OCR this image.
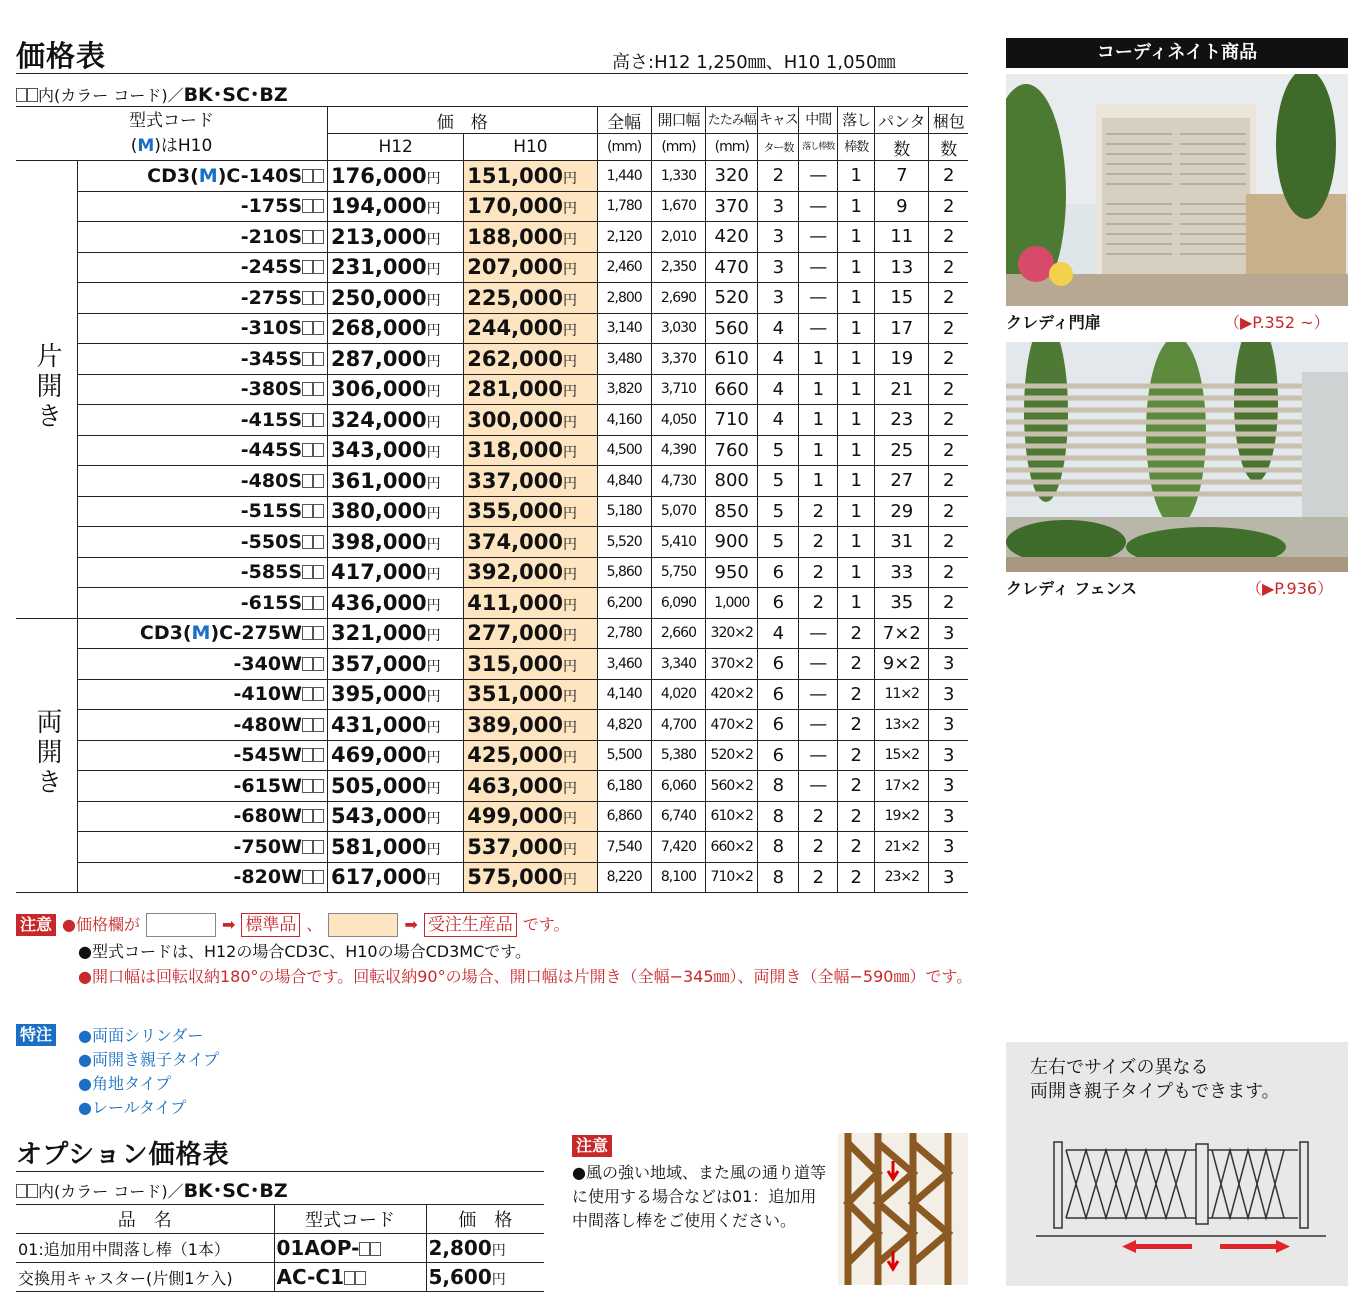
価格表	高さ:H12 1,250㎜、H10 1,050㎜
内(カラー コード)／BK･SC･BZ
型式コード
(M)はH10		価　格		全幅	開口幅	たたみ幅	キャス	中間	落し	パンタ	梱包
		H12	H10	(mm)	(mm)	(mm)	ター数	落し棒数	棒数	数	数
片開き	CD3(M)C-140S	176,000円	151,000円	1,440	1,330	320	2	—	1	7	2
	-175S	194,000円	170,000円	1,780	1,670	370	3	—	1	9	2
	-210S	213,000円	188,000円	2,120	2,010	420	3	—	1	11	2
	-245S	231,000円	207,000円	2,460	2,350	470	3	—	1	13	2
	-275S	250,000円	225,000円	2,800	2,690	520	3	—	1	15	2
	-310S	268,000円	244,000円	3,140	3,030	560	4	—	1	17	2
	-345S	287,000円	262,000円	3,480	3,370	610	4	1	1	19	2
	-380S	306,000円	281,000円	3,820	3,710	660	4	1	1	21	2
	-415S	324,000円	300,000円	4,160	4,050	710	4	1	1	23	2
	-445S	343,000円	318,000円	4,500	4,390	760	5	1	1	25	2
	-480S	361,000円	337,000円	4,840	4,730	800	5	1	1	27	2
	-515S	380,000円	355,000円	5,180	5,070	850	5	2	1	29	2
	-550S	398,000円	374,000円	5,520	5,410	900	5	2	1	31	2
	-585S	417,000円	392,000円	5,860	5,750	950	6	2	1	33	2
	-615S	436,000円	411,000円	6,200	6,090	1,000	6	2	1	35	2
両開き	CD3(M)C-275W	321,000円	277,000円	2,780	2,660	320×2	4	—	2	7×2	3
	-340W	357,000円	315,000円	3,460	3,340	370×2	6	—	2	9×2	3
	-410W	395,000円	351,000円	4,140	4,020	420×2	6	—	2	11×2	3
	-480W	431,000円	389,000円	4,820	4,700	470×2	6	—	2	13×2	3
	-545W	469,000円	425,000円	5,500	5,380	520×2	6	—	2	15×2	3
	-615W	505,000円	463,000円	6,180	6,060	560×2	8	—	2	17×2	3
	-680W	543,000円	499,000円	6,860	6,740	610×2	8	2	2	19×2	3
	-750W	581,000円	537,000円	7,540	7,420	660×2	8	2	2	21×2	3
	-820W	617,000円	575,000円	8,220	8,100	710×2	8	2	2	23×2	3
注意 ●価格欄が	➡ 標準品 、	➡ 受注生産品 です。
●型式コードは、H12の場合CD3C、H10の場合CD3MCです。
●開口幅は回転収納180°の場合です。回転収納90°の場合、開口幅は片開き（全幅−345㎜）、両開き（全幅−590㎜）です。
特注 ●両面シリンダー
●両開き親子タイプ
●角地タイプ
●レールタイプ
オプション価格表
内(カラー コード)／BK･SC･BZ
品　名	型式コード	価　格
01:追加用中間落し棒（1本）	01AOP-	2,800円
交換用キャスター(片側1ケ入)	AC-C1	5,600円
注意
●風の強い地域、また風の通り道等に使用する場合などは01：追加用中間落し棒をご使用ください。
コーディネイト商品
クレディ門扉	（▶P.352 ~）
クレディ フェンス	（▶P.936）
左右でサイズの異なる
両開き親子タイプもできます。
